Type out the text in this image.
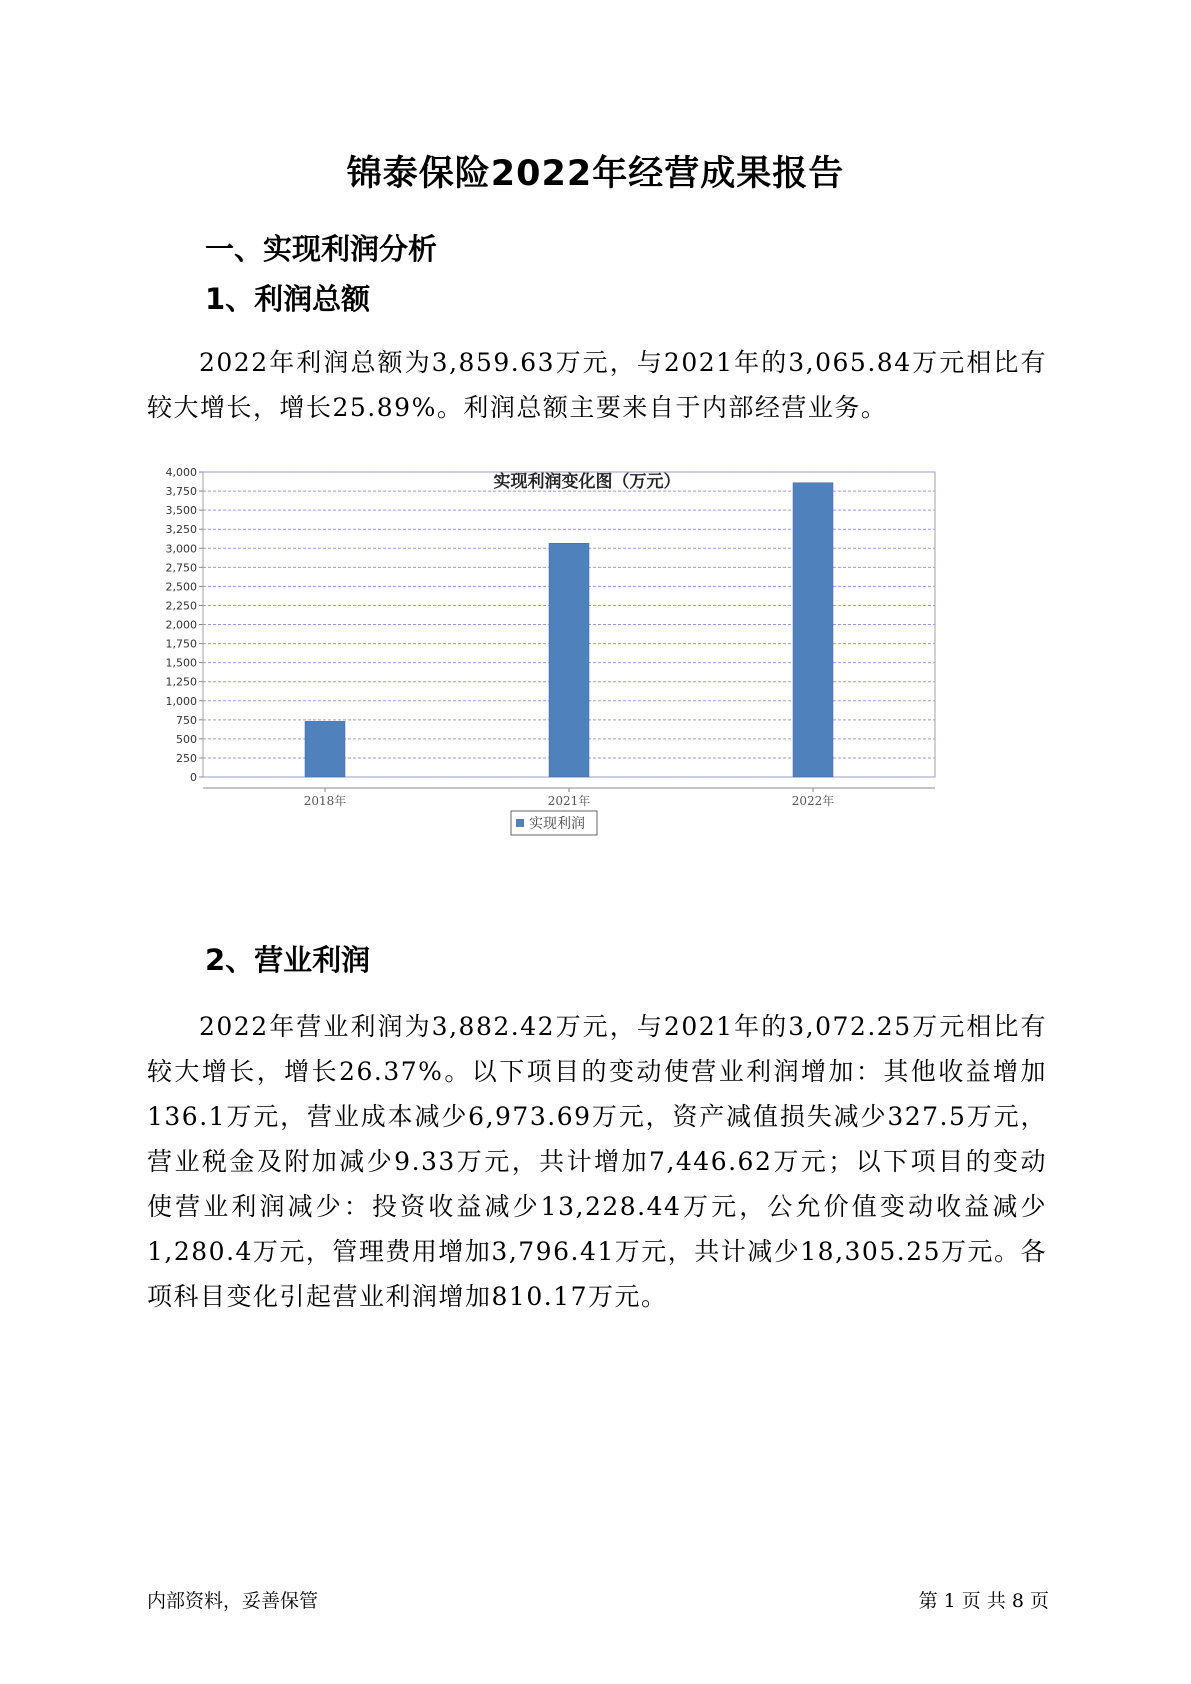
锦泰保险2022年经营成果报告
一、实现利润分析
1、利润总额
2022年利润总额为3,859.63万元，与2021年的3,065.84万元相比有较大增长，增长25.89%。利润总额主要来自于内部经营业务。
实现利润变化图（万元）
0
250
500
750
1,000
1,250
1,500
1,750
2,000
2,250
2,500
2,750
3,000
3,250
3,500
3,750
4,000
2018年	2021年	2022年
实现利润
2、营业利润
2022年营业利润为3,882.42万元，与2021年的3,072.25万元相比有较大增长，增长26.37%。以下项目的变动使营业利润增加：其他收益增加136.1万元，营业成本减少6,973.69万元，资产减值损失减少327.5万元，营业税金及附加减少9.33万元，共计增加7,446.62万元；以下项目的变动使营业利润减少：投资收益减少13,228.44万元，公允价值变动收益减少1,280.4万元，管理费用增加3,796.41万元，共计减少18,305.25万元。各项科目变化引起营业利润增加810.17万元。
内部资料，妥善保管	第 1 页 共 8 页
